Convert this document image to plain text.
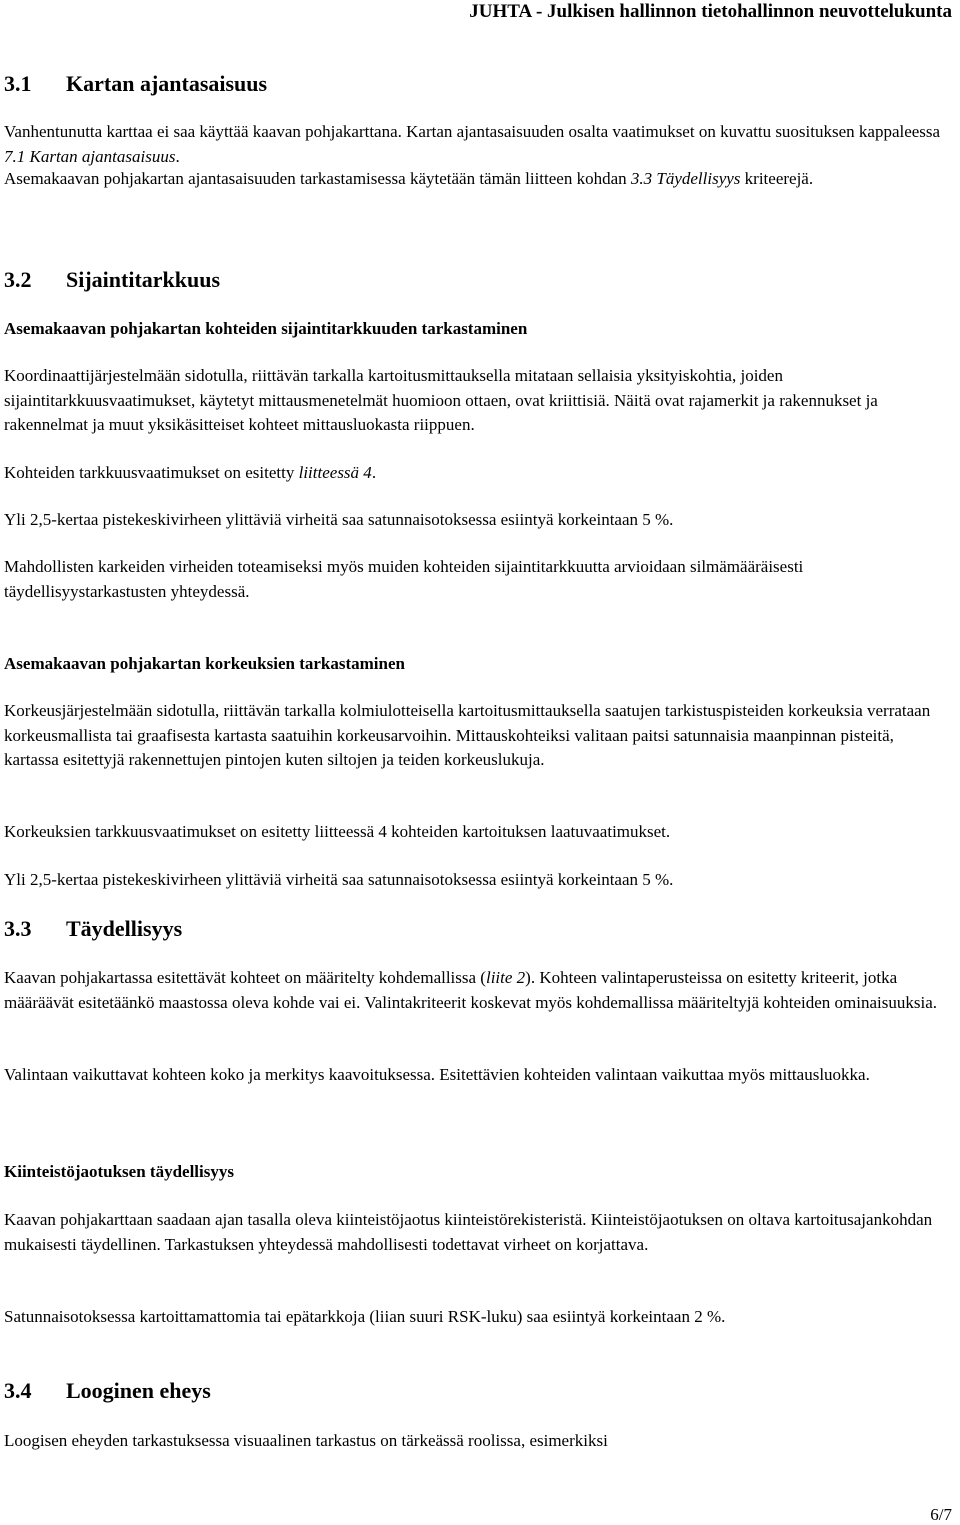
JUHTA - Julkisen hallinnon tietohallinnon neuvottelukunta
3.1 Kartan ajantasaisuus
Vanhentunutta karttaa ei saa käyttää kaavan pohjakarttana. Kartan ajantasaisuuden osalta vaatimukset on kuvattu suosituksen kappaleessa 7.1 Kartan ajantasaisuus.
Asemakaavan pohjakartan ajantasaisuuden tarkastamisessa käytetään tämän liitteen kohdan 3.3 Täydellisyys kriteerejä.
3.2 Sijaintitarkkuus
Asemakaavan pohjakartan kohteiden sijaintitarkkuuden tarkastaminen
Koordinaattijärjestelmään sidotulla, riittävän tarkalla kartoitusmittauksella mitataan sellaisia yksityiskohtia, joiden sijaintitarkkuusvaatimukset, käytetyt mittausmenetelmät huomioon ottaen, ovat kriittisiä. Näitä ovat rajamerkit ja rakennukset ja rakennelmat ja muut yksikäsitteiset kohteet mittausluokasta riippuen.
Kohteiden tarkkuusvaatimukset on esitetty liitteessä 4.
Yli 2,5-kertaa pistekeskivirheen ylittäviä virheitä saa satunnaisotoksessa esiintyä korkeintaan 5 %.
Mahdollisten karkeiden virheiden toteamiseksi myös muiden kohteiden sijaintitarkkuutta arvioidaan silmämääräisesti täydellisyystarkastusten yhteydessä.
Asemakaavan pohjakartan korkeuksien tarkastaminen
Korkeusjärjestelmään sidotulla, riittävän tarkalla kolmiulotteisella kartoitusmittauksella saatujen tarkistuspisteiden korkeuksia verrataan korkeusmallista tai graafisesta kartasta saatuihin korkeusarvoihin. Mittauskohteiksi valitaan paitsi satunnaisia maanpinnan pisteitä, kartassa esitettyjä rakennettujen pintojen kuten siltojen ja teiden korkeuslukuja.
Korkeuksien tarkkuusvaatimukset on esitetty liitteessä 4 kohteiden kartoituksen laatuvaatimukset.
Yli 2,5-kertaa pistekeskivirheen ylittäviä virheitä saa satunnaisotoksessa esiintyä korkeintaan 5 %.
3.3 Täydellisyys
Kaavan pohjakartassa esitettävät kohteet on määritelty kohdemallissa (liite 2). Kohteen valintaperusteissa on esitetty kriteerit, jotka määräävät esitetäänkö maastossa oleva kohde vai ei. Valintakriteerit koskevat myös kohdemallissa määriteltyjä kohteiden ominaisuuksia.
Valintaan vaikuttavat kohteen koko ja merkitys kaavoituksessa. Esitettävien kohteiden valintaan vaikuttaa myös mittausluokka.
Kiinteistöjaotuksen täydellisyys
Kaavan pohjakarttaan saadaan ajan tasalla oleva kiinteistöjaotus kiinteistörekisteristä. Kiinteistöjaotuksen on oltava kartoitusajankohdan mukaisesti täydellinen. Tarkastuksen yhteydessä mahdollisesti todettavat virheet on korjattava.
Satunnaisotoksessa kartoittamattomia tai epätarkkoja (liian suuri RSK-luku) saa esiintyä korkeintaan 2 %.
3.4 Looginen eheys
Loogisen eheyden tarkastuksessa visuaalinen tarkastus on tärkeässä roolissa, esimerkiksi
6/7
